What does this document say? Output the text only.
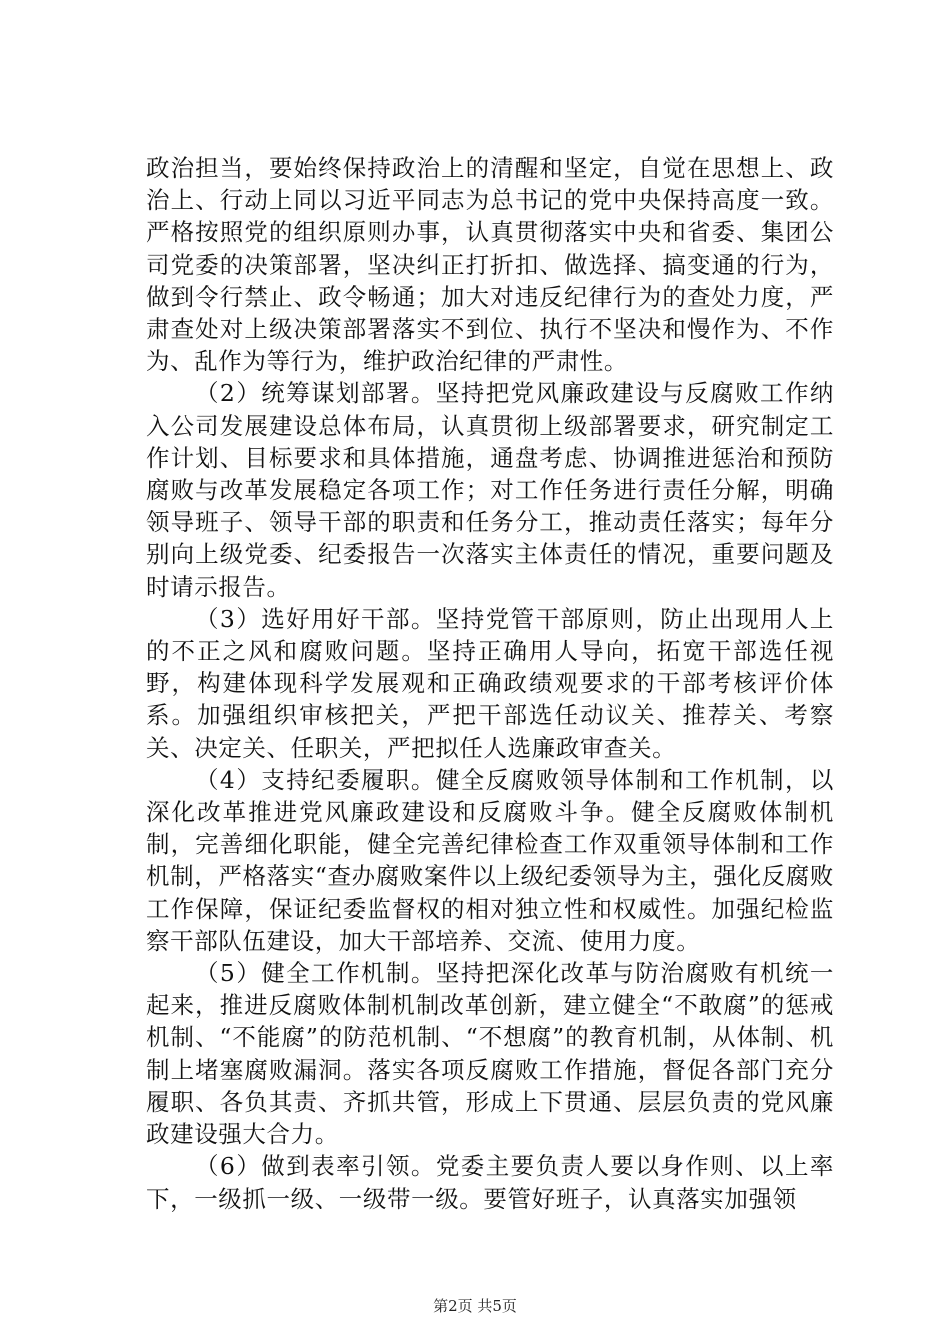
政治担当，要始终保持政治上的清醒和坚定，自觉在思想上、政治上、行动上同以习近平同志为总书记的党中央保持高度一致。严格按照党的组织原则办事，认真贯彻落实中央和省委、集团公司党委的决策部署，坚决纠正打折扣、做选择、搞变通的行为，做到令行禁止、政令畅通；加大对违反纪律行为的查处力度，严肃查处对上级决策部署落实不到位、执行不坚决和慢作为、不作为、乱作为等行为，维护政治纪律的严肃性。

（2）统筹谋划部署。坚持把党风廉政建设与反腐败工作纳入公司发展建设总体布局，认真贯彻上级部署要求，研究制定工作计划、目标要求和具体措施，通盘考虑、协调推进惩治和预防腐败与改革发展稳定各项工作；对工作任务进行责任分解，明确领导班子、领导干部的职责和任务分工，推动责任落实；每年分别向上级党委、纪委报告一次落实主体责任的情况，重要问题及时请示报告。

（3）选好用好干部。坚持党管干部原则，防止出现用人上的不正之风和腐败问题。坚持正确用人导向，拓宽干部选任视野，构建体现科学发展观和正确政绩观要求的干部考核评价体系。加强组织审核把关，严把干部选任动议关、推荐关、考察关、决定关、任职关，严把拟任人选廉政审查关。

（4）支持纪委履职。健全反腐败领导体制和工作机制，以深化改革推进党风廉政建设和反腐败斗争。健全反腐败体制机制，完善细化职能，健全完善纪律检查工作双重领导体制和工作机制，严格落实“查办腐败案件以上级纪委领导为主，强化反腐败工作保障，保证纪委监督权的相对独立性和权威性。加强纪检监察干部队伍建设，加大干部培养、交流、使用力度。

（5）健全工作机制。坚持把深化改革与防治腐败有机统一起来，推进反腐败体制机制改革创新，建立健全“不敢腐”的惩戒机制、“不能腐”的防范机制、“不想腐”的教育机制，从体制、机制上堵塞腐败漏洞。落实各项反腐败工作措施，督促各部门充分履职、各负其责、齐抓共管，形成上下贯通、层层负责的党风廉政建设强大合力。

（6）做到表率引领。党委主要负责人要以身作则、以上率下，一级抓一级、一级带一级。要管好班子，认真落实加强领

第2页 共5页
